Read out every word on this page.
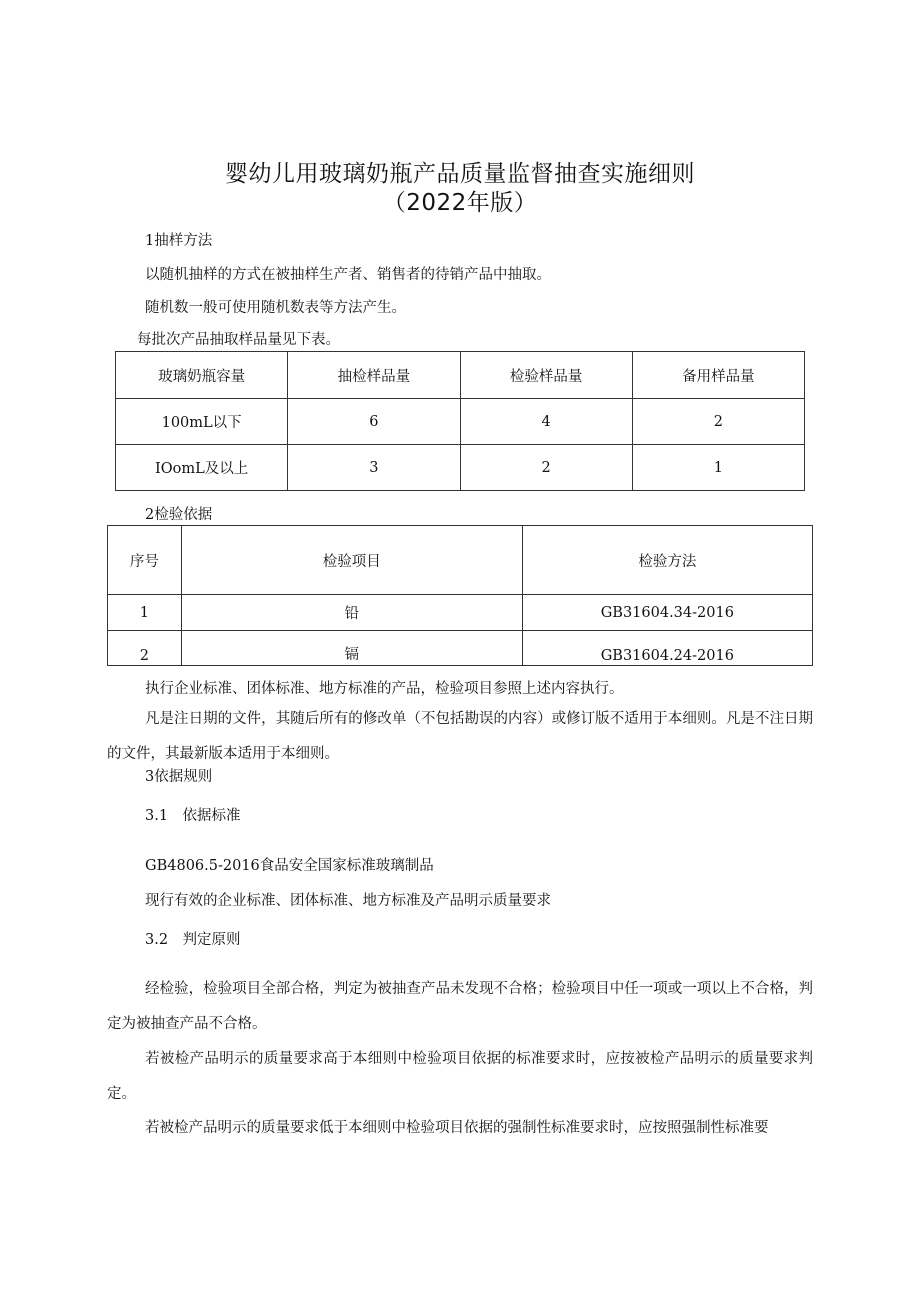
婴幼儿用玻璃奶瓶产品质量监督抽查实施细则
（2022年版）
1抽样方法
以随机抽样的方式在被抽样生产者、销售者的待销产品中抽取。
随机数一般可使用随机数表等方法产生。
每批次产品抽取样品量见下表。
玻璃奶瓶容量	抽检样品量	检验样品量	备用样品量
100mL以下	6	4	2
IOomL及以上	3	2	1
2检验依据
序号	检验项目	检验方法
1	铅	GB31604.34-2016
2	镉	GB31604.24-2016
执行企业标准、团体标准、地方标准的产品，检验项目参照上述内容执行。
凡是注日期的文件，其随后所有的修改单（不包括勘误的内容）或修订版不适用于本细则。凡是不注日期的文件，其最新版本适用于本细则。
3依据规则
3.1　依据标准
GB4806.5-2016食品安全国家标准玻璃制品
现行有效的企业标准、团体标准、地方标准及产品明示质量要求
3.2　判定原则
经检验，检验项目全部合格，判定为被抽查产品未发现不合格；检验项目中任一项或一项以上不合格，判定为被抽查产品不合格。
若被检产品明示的质量要求高于本细则中检验项目依据的标准要求时，应按被检产品明示的质量要求判定。
若被检产品明示的质量要求低于本细则中检验项目依据的强制性标准要求时，应按照强制性标准要
